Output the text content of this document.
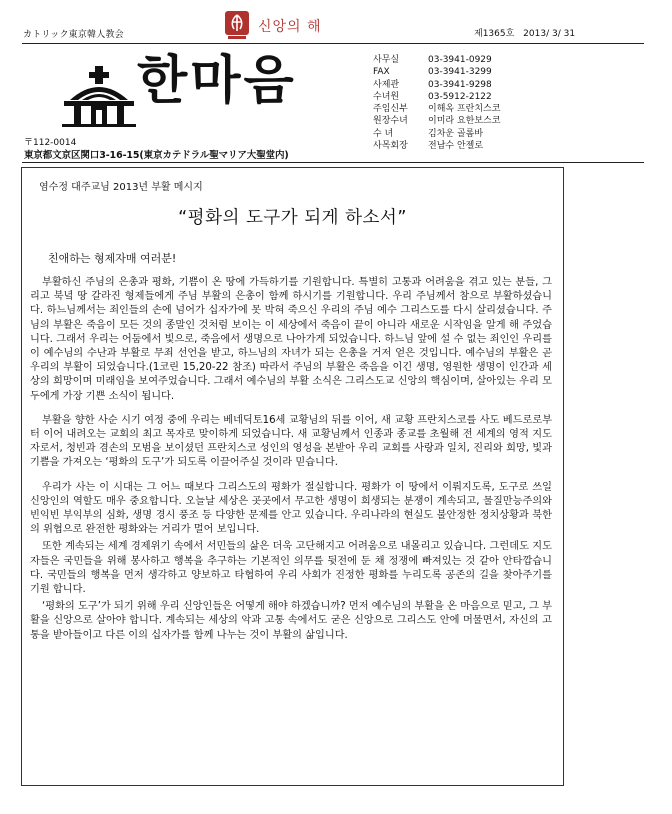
カトリック東京韓人教会	신앙의 해	제1365호 2013/ 3/ 31
한마음	사무실	03-3941-0929
FAX	03-3941-3299
사제관	03-3941-9298
수녀원	03-5912-2122
주임신부	이해옥 프란치스코
원장수녀	이미라 요한보스코
수 녀	김차운 골롬바
사목회장	전남수 안젤로
〒112-0014
東京都文京区関口3-16-15(東京カテドラル聖マリア大聖堂内)
염수정 대주교님 2013년 부활 메시지
“평화의 도구가 되게 하소서”
친애하는 형제자매 여러분!

부활하신 주님의 은총과 평화, 기쁨이 온 땅에 가득하기를 기원합니다. 특별히 고통과 어려움을 겪고 있는 분들, 그리고 북녘 땅 갈라진 형제들에게 주님 부활의 은총이 함께 하시기를 기원합니다. 우리 주님께서 참으로 부활하셨습니다. 하느님께서는 죄인들의 손에 넘어가 십자가에 못 박혀 죽으신 우리의 주님 예수 그리스도를 다시 살리셨습니다. 주님의 부활은 죽음이 모든 것의 종말인 것처럼 보이는 이 세상에서 죽음이 끝이 아니라 새로운 시작임을 알게 해 주었습니다. 그래서 우리는 어둠에서 빛으로, 죽음에서 생명으로 나아가게 되었습니다. 하느님 앞에 설 수 없는 죄인인 우리를 이 예수님의 수난과 부활로 무죄 선언을 받고, 하느님의 자녀가 되는 은총을 거저 얻은 것입니다. 예수님의 부활은 곧 우리의 부활이 되었습니다.(1코린 15,20-22 참조) 따라서 주님의 부활은 죽음을 이긴 생명, 영원한 생명이 인간과 세상의 희망이며 미래임을 보여주었습니다. 그래서 예수님의 부활 소식은 그리스도교 신앙의 핵심이며, 살아있는 우리 모두에게 가장 기쁜 소식이 됩니다.

부활을 향한 사순 시기 여정 중에 우리는 베네딕토16세 교황님의 뒤를 이어, 새 교황 프란치스코를 사도 베드로로부터 이어 내려오는 교회의 최고 목자로 맞이하게 되었습니다. 새 교황님께서 인종과 종교를 초월해 전 세계의 영적 지도자로서, 청빈과 겸손의 모범을 보이셨던 프란치스코 성인의 영성을 본받아 우리 교회를 사랑과 일치, 진리와 희망, 빛과 기쁨을 가져오는 ‘평화의 도구’가 되도록 이끌어주실 것이라 믿습니다.

우리가 사는 이 시대는 그 어느 때보다 그리스도의 평화가 절실합니다. 평화가 이 땅에서 이뤄지도록, 도구로 쓰일 신앙인의 역할도 매우 중요합니다. 오늘날 세상은 곳곳에서 무고한 생명이 희생되는 분쟁이 계속되고, 물질만능주의와 빈익빈 부익부의 심화, 생명 경시 풍조 등 다양한 문제를 안고 있습니다. 우리나라의 현실도 불안정한 정치상황과 북한의 위협으로 완전한 평화와는 거리가 멀어 보입니다.

또한 계속되는 세계 경제위기 속에서 서민들의 삶은 더욱 고단해지고 어려움으로 내몰리고 있습니다. 그런데도 지도자들은 국민들을 위해 봉사하고 행복을 추구하는 기본적인 의무를 뒷전에 둔 채 정쟁에 빠져있는 것 같아 안타깝습니다. 국민들의 행복을 먼저 생각하고 양보하고 타협하여 우리 사회가 진정한 평화를 누리도록 공존의 길을 찾아주기를 기원 합니다.

‘평화의 도구’가 되기 위해 우리 신앙인들은 어떻게 해야 하겠습니까? 먼저 예수님의 부활을 온 마음으로 믿고, 그 부활을 신앙으로 살아야 합니다. 계속되는 세상의 악과 고통 속에서도 굳은 신앙으로 그리스도 안에 머물면서, 자신의 고통을 받아들이고 다른 이의 십자가를 함께 나누는 것이 부활의 삶입니다.
